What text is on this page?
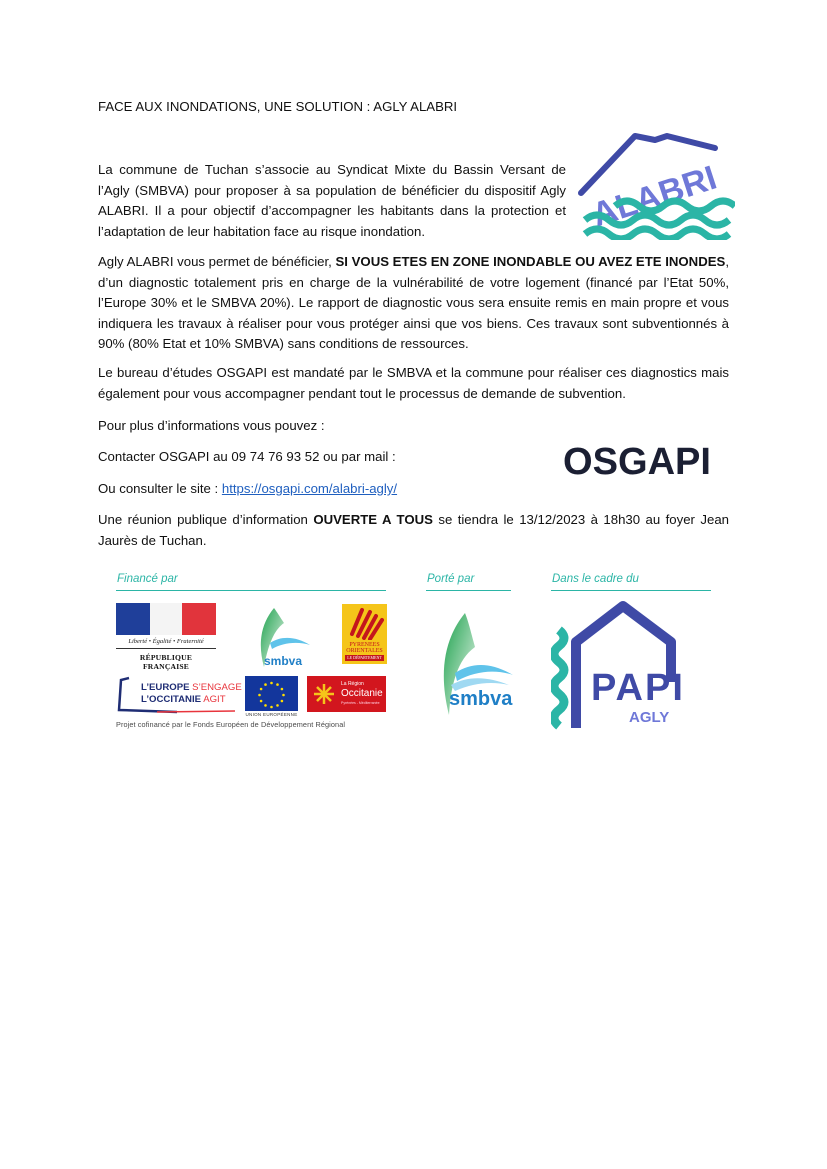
FACE AUX INONDATIONS, UNE SOLUTION : AGLY ALABRI
La commune de Tuchan s’associe au Syndicat Mixte du Bassin Versant de l’Agly (SMBVA) pour proposer à sa population de bénéficier du dispositif Agly ALABRI. Il a pour objectif d’accompagner les habitants dans la protection et l’adaptation de leur habitation face au risque inondation.	ALABRI
Agly ALABRI vous permet de bénéficier, SI VOUS ETES EN ZONE INONDABLE OU AVEZ ETE INONDES, d’un diagnostic totalement pris en charge de la vulnérabilité de votre logement (financé par l’Etat 50%, l’Europe 30% et le SMBVA 20%). Le rapport de diagnostic vous sera ensuite remis en main propre et vous indiquera les travaux à réaliser pour vous protéger ainsi que vos biens. Ces travaux sont subventionnés à 90% (80% Etat et 10% SMBVA) sans conditions de ressources.
Le bureau d’études OSGAPI est mandaté par le SMBVA et la commune pour réaliser ces diagnostics mais également pour vous accompagner pendant tout le processus de demande de subvention.
Pour plus d’informations vous pouvez :
Contacter OSGAPI au 09 74 76 93 52 ou par mail :	OSGAPI
Ou consulter le site : https://osgapi.com/alabri-agly/
Une réunion publique d’information OUVERTE A TOUS se tiendra le 13/12/2023 à 18h30 au foyer Jean Jaurès de Tuchan.
Financé par	Porté par	Dans le cadre du
Liberté • Égalité • Fraternité
RÉPUBLIQUE FRANÇAISE	smbva
PYRENEES
ORIENTALES
LE DÉPARTEMENT
L’EUROPE S’ENGAGE
L’OCCITANIE AGIT
UNION EUROPÉENNE
La Région
Occitanie
Pyrénées - Méditerranée
Projet cofinancé par le Fonds Européen de Développement Régional
smbva PAPI
AGLY
